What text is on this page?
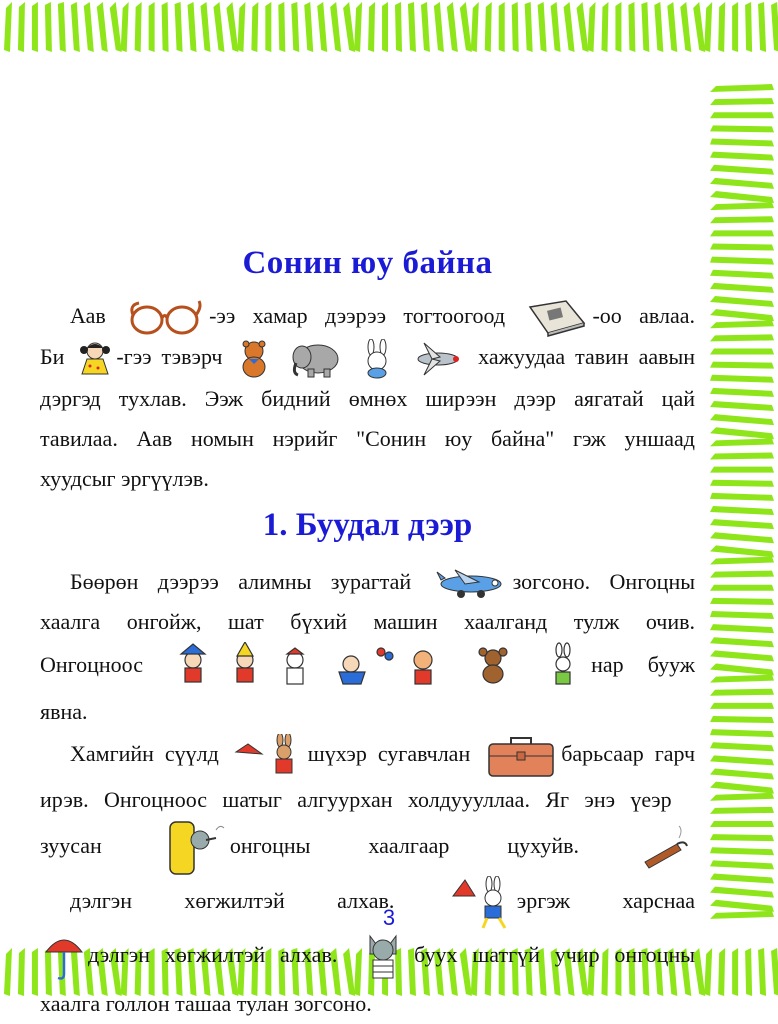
Сонин юу байна

Аав	-ээ хамар дээрээ тогтоогоод	-оо авлаа.

Би -гээ тэвэрч	хажуудаа тавин аавын

дэргэд тухлав. Ээж бидний өмнөх ширээн дээр аягатай цай

тавилаа. Аав номын нэрийг "Сонин юу байна" гэж уншаад

хуудсыг эргүүлэв.

1. Буудал дээр

Бөөрөн дээрээ алимны зурагтай	зогсоно. Онгоцны

хаалга онгойж, шат бүхий машин хаалганд тулж очив.

Онгоцноос	нар бууж

явна.

Хамгийн сүүлд	шүхэр сугавчлан	барьсаар гарч

ирэв. Онгоцноос шатыг алгуурхан холдуууллаа. Яг энэ үеэр

зуусан	онгоцны хаалгаар цухуйв.

дэлгэн хөгжилтэй алхав.	эргэж харснаа

дэлгэн хөгжилтэй алхав.	буух шатгүй учир онгоцны

хаалга голлон ташаа тулан зогсоно.

3
